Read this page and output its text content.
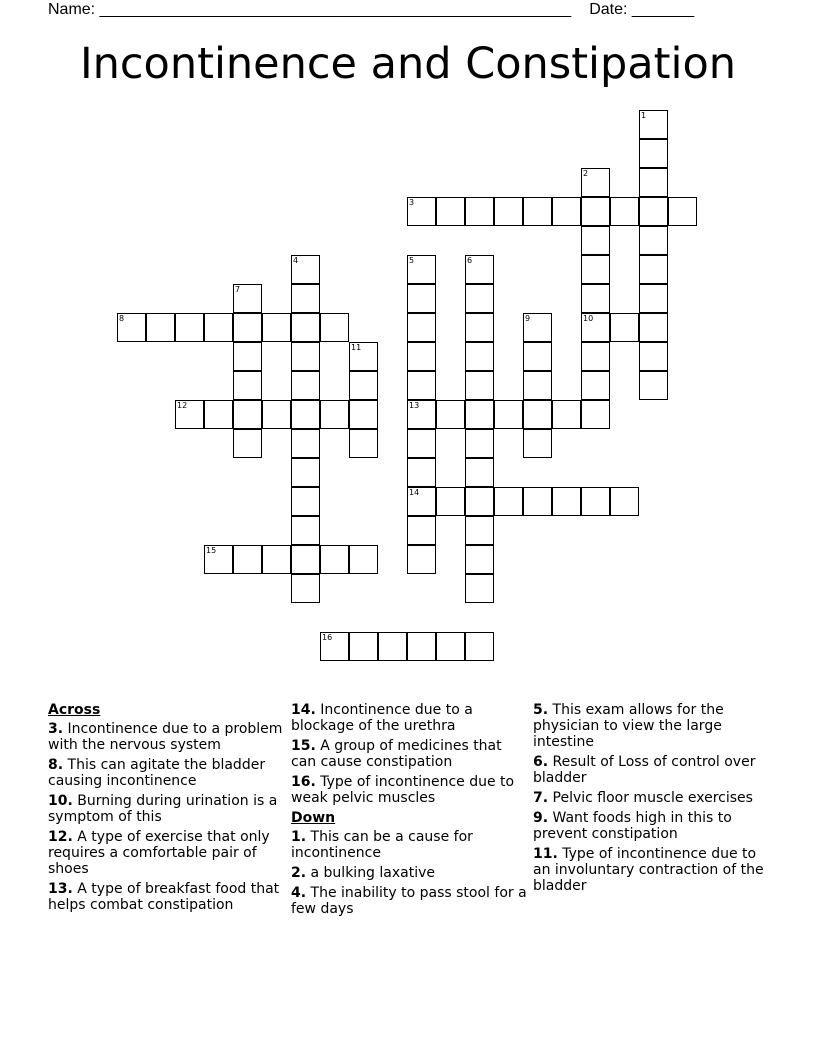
Name: _____________________________________________________ Date: _______
Incontinence and Constipation
1
2
10
3
4	5
13
14
6
7
8	9
11
12
15
16
Across
3. Incontinence due to a problem with the nervous system
8. This can agitate the bladder causing incontinence
10. Burning during urination is a symptom of this
12. A type of exercise that only requires a comfortable pair of shoes
13. A type of breakfast food that helps combat constipation
14. Incontinence due to a blockage of the urethra
15. A group of medicines that can cause constipation
16. Type of incontinence due to weak pelvic muscles
Down
1. This can be a cause for incontinence
2. a bulking laxative
4. The inability to pass stool for a few days
5. This exam allows for the physician to view the large intestine
6. Result of Loss of control over bladder
7. Pelvic floor muscle exercises
9. Want foods high in this to prevent constipation
11. Type of incontinence due to an involuntary contraction of the bladder
